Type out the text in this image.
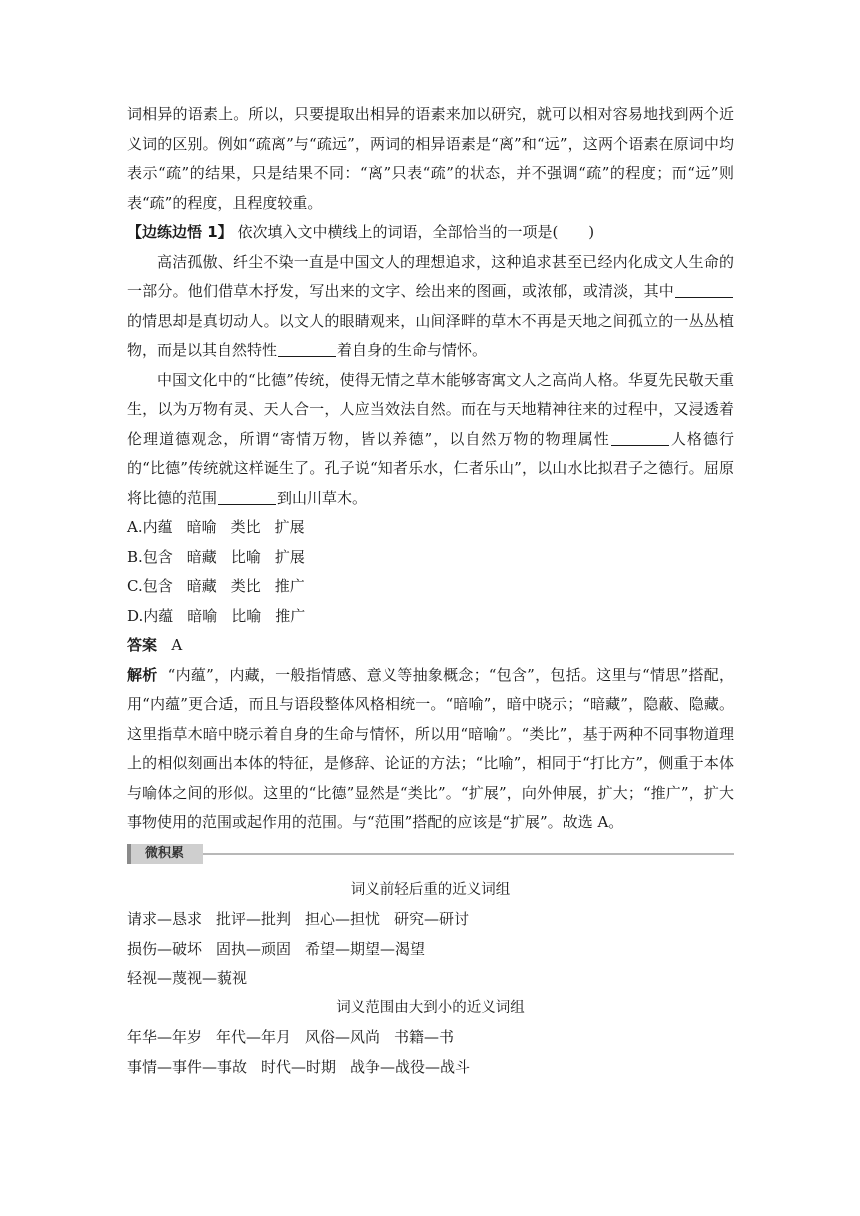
词相异的语素上。所以，只要提取出相异的语素来加以研究，就可以相对容易地找到两个近义词的区别。例如“疏离”与“疏远”，两词的相异语素是“离”和“远”，这两个语素在原词中均表示“疏”的结果，只是结果不同：“离”只表“疏”的状态，并不强调“疏”的程度；而“远”则表“疏”的程度，且程度较重。

【边练边悟 1】 依次填入文中横线上的词语，全部恰当的一项是(　　)

高洁孤傲、纤尘不染一直是中国文人的理想追求，这种追求甚至已经内化成文人生命的一部分。他们借草木抒发，写出来的文字、绘出来的图画，或浓郁，或清淡，其中的情思却是真切动人。以文人的眼睛观来，山间泽畔的草木不再是天地之间孤立的一丛丛植物，而是以其自然特性	着自身的生命与情怀。

中国文化中的“比德”传统，使得无情之草木能够寄寓文人之高尚人格。华夏先民敬天重生，以为万物有灵、天人合一，人应当效法自然。而在与天地精神往来的过程中，又浸透着伦理道德观念，所谓“寄情万物，皆以养德”，以自然万物的物理属性	人格德行的“比德”传统就这样诞生了。孔子说“知者乐水，仁者乐山”，以山水比拟君子之德行。屈原将比德的范围	到山川草木。

A.内蕴 暗喻 类比 扩展
B.包含 暗藏 比喻 扩展
C.包含 暗藏 类比 推广
D.内蕴 暗喻 比喻 推广

答案 A

解析 “内蕴”，内藏，一般指情感、意义等抽象概念；“包含”，包括。这里与“情思”搭配，用“内蕴”更合适，而且与语段整体风格相统一。“暗喻”，暗中晓示；“暗藏”，隐蔽、隐藏。这里指草木暗中晓示着自身的生命与情怀，所以用“暗喻”。“类比”，基于两种不同事物道理上的相似刻画出本体的特征，是修辞、论证的方法；“比喻”，相同于“打比方”，侧重于本体与喻体之间的形似。这里的“比德”显然是“类比”。“扩展”，向外伸展，扩大；“推广”，扩大事物使用的范围或起作用的范围。与“范围”搭配的应该是“扩展”。故选 A。

微积累

词义前轻后重的近义词组

请求—恳求 批评—批判 担心—担忧 研究—研讨
损伤—破坏 固执—顽固 希望—期望—渴望
轻视—蔑视—藐视

词义范围由大到小的近义词组

年华—年岁 年代—年月 风俗—风尚 书籍—书
事情—事件—事故 时代—时期 战争—战役—战斗
